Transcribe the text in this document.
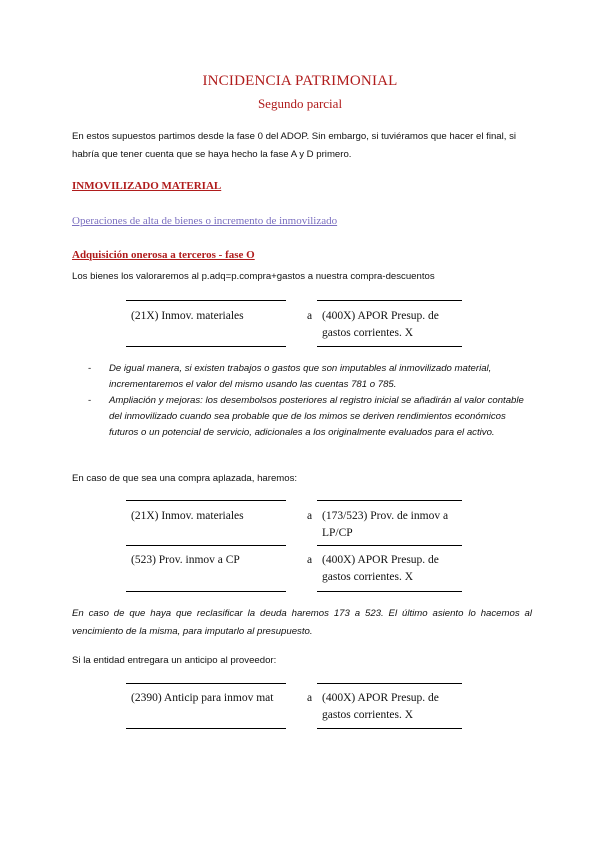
INCIDENCIA PATRIMONIAL
Segundo parcial
En estos supuestos partimos desde la fase 0 del ADOP. Sin embargo, si tuviéramos que hacer el final, si habría que tener cuenta que se haya hecho la fase A y D primero.
INMOVILIZADO MATERIAL
Operaciones de alta de bienes o incremento de inmovilizado
Adquisición onerosa a terceros - fase O
Los bienes los valoraremos al p.adq=p.compra+gastos a nuestra compra-descuentos
(21X) Inmov. materiales	a (400X) APOR Presup. de
gastos corrientes. X

- De igual manera, si existen trabajos o gastos que son imputables al inmovilizado material, incrementaremos el valor del mismo usando las cuentas 781 o 785.

- Ampliación y mejoras: los desembolsos posteriores al registro inicial se añadirán al valor contable del inmovilizado cuando sea probable que de los mimos se deriven rendimientos económicos futuros o un potencial de servicio, adicionales a los originalmente evaluados para el activo.

En caso de que sea una compra aplazada, haremos:
(21X) Inmov. materiales	a (173/523) Prov. de inmov a
LP/CP
(523) Prov. inmov a CP	a (400X) APOR Presup. de
gastos corrientes. X
En caso de que haya que reclasificar la deuda haremos 173 a 523. El último asiento lo hacemos al vencimiento de la misma, para imputarlo al presupuesto.
Si la entidad entregara un anticipo al proveedor:
(2390) Anticip para inmov mat	a (400X) APOR Presup. de
gastos corrientes. X
